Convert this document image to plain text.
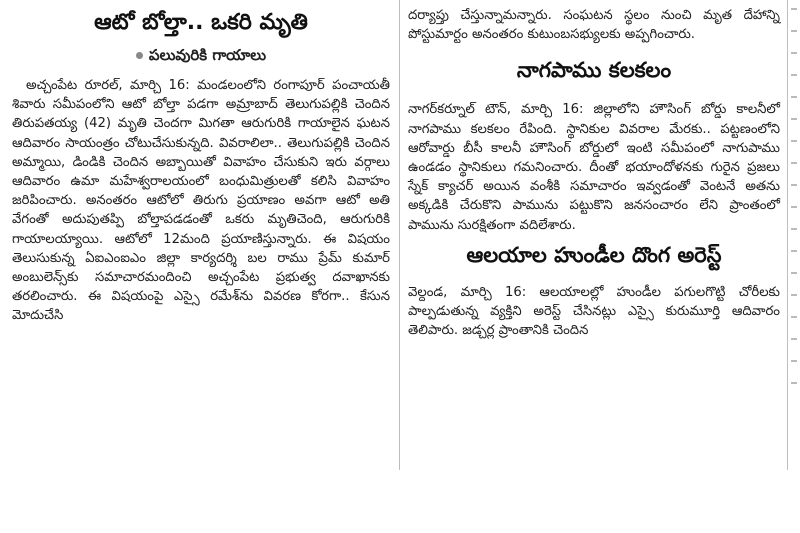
ఆటో బోల్తా.. ఒకరి మృతి
పలువురికి గాయాలు

అచ్చంపేట రూరల్, మార్చి 16: మండలంలోని రంగాపూర్ పంచాయతీ శివారు సమీపంలోని ఆటో బోల్తా పడగా అమ్రాబాద్ తెలుగుపల్లికి చెందిన తిరుపతయ్య (42) మృతి చెందగా మిగతా ఆరుగురికి గాయాలైన ఘటన ఆదివారం సాయంత్రం చోటుచేసుకున్నది. వివరాలిలా.. తెలుగుపల్లికి చెందిన అమ్మాయి, డిండికి చెందిన అబ్బాయితో వివాహం చేసుకుని ఇరు వర్గాలు ఆదివారం ఉమా మహేశ్వరాలయంలో బంధుమిత్రులతో కలిసి వివాహం జరిపించారు. అనంతరం ఆటోలో తిరుగు ప్రయాణం అవగా ఆటో అతి వేగంతో అదుపుతప్పి బోల్తాపడడంతో ఒకరు మృతిచెంది, ఆరుగురికి గాయాలయ్యాయి. ఆటోలో 12మంది ప్రయాణిస్తున్నారు. ఈ విషయం తెలుసుకున్న ఏఐఎంఐఎం జిల్లా కార్యదర్శి బల రాము ప్రేమ్ కుమార్ అంబులెన్స్‌కు సమాచారమందించి అచ్చంపేట ప్రభుత్వ దవాఖానకు తరలించారు. ఈ విషయంపై ఎస్సై రమేశ్‌ను వివరణ కోరగా.. కేసున మోదుచేసి

దర్యాప్తు చేస్తున్నామన్నారు. సంఘటన స్థలం నుంచి మృత దేహాన్ని పోస్టుమార్టం అనంతరం కుటుంబసభ్యులకు అప్పగించారు.

నాగపాము కలకలం

నాగర్‌కర్నూల్ టౌన్, మార్చి 16: జిల్లాలోని హౌసింగ్ బోర్డు కాలనీలో నాగపాము కలకలం రేపింది. స్థానికుల వివరాల మేరకు.. పట్టణంలోని ఆరోవార్డు బీసీ కాలనీ హౌసింగ్ బోర్డులో ఇంటి సమీపంలో నాగుపాము ఉండడం స్థానికులు గమనించారు. దీంతో భయాందోళనకు గురైన ప్రజలు స్నేక్ క్యాచర్ అయిన వంశీకి సమాచారం ఇవ్వడంతో వెంటనే అతను అక్కడికి చేరుకొని పామును పట్టుకొని జనసంచారం లేని ప్రాంతంలో పామును సురక్షితంగా వదిలేశారు.

ఆలయాల హుండీల దొంగ అరెస్ట్

వెల్దండ, మార్చి 16: ఆలయాలల్లో హుండీల పగులగొట్టి చోరీలకు పాల్పడుతున్న వ్యక్తిని అరెస్ట్ చేసినట్లు ఎస్సై కురుమూర్తి ఆదివారం తెలిపారు. జడ్చర్ల ప్రాంతానికి చెందిన
